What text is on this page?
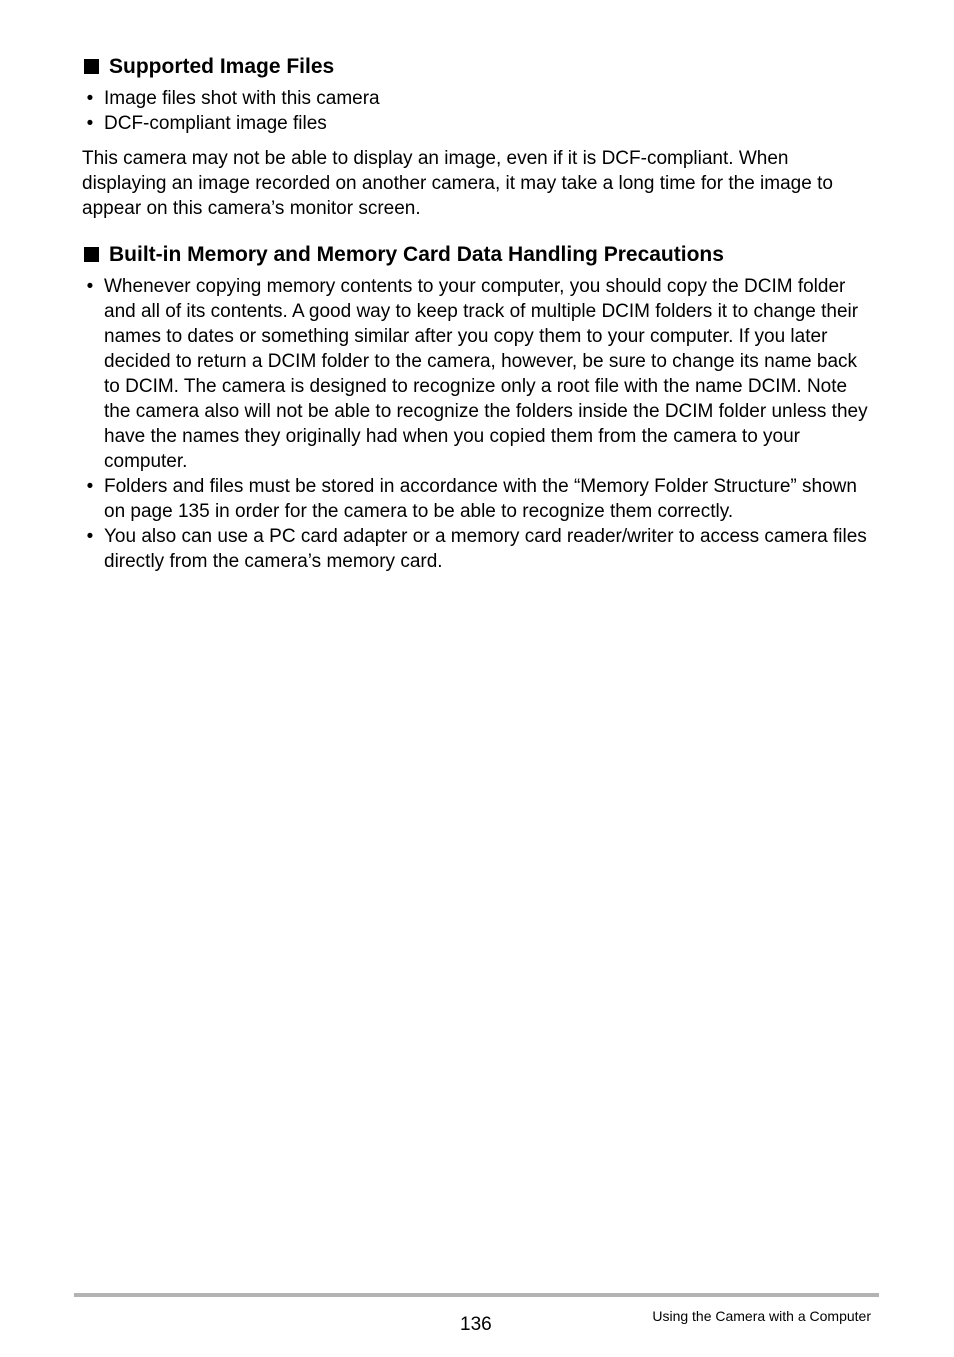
Supported Image Files
• Image files shot with this camera
• DCF-compliant image files

This camera may not be able to display an image, even if it is DCF-compliant. When displaying an image recorded on another camera, it may take a long time for the image to appear on this camera’s monitor screen.

Built-in Memory and Memory Card Data Handling Precautions
• Whenever copying memory contents to your computer, you should copy the DCIM folder and all of its contents. A good way to keep track of multiple DCIM folders it to change their names to dates or something similar after you copy them to your computer. If you later decided to return a DCIM folder to the camera, however, be sure to change its name back to DCIM. The camera is designed to recognize only a root file with the name DCIM. Note the camera also will not be able to recognize the folders inside the DCIM folder unless they have the names they originally had when you copied them from the camera to your computer.
• Folders and files must be stored in accordance with the “Memory Folder Structure” shown on page 135 in order for the camera to be able to recognize them correctly.
• You also can use a PC card adapter or a memory card reader/writer to access camera files directly from the camera’s memory card.
136	Using the Camera with a Computer
